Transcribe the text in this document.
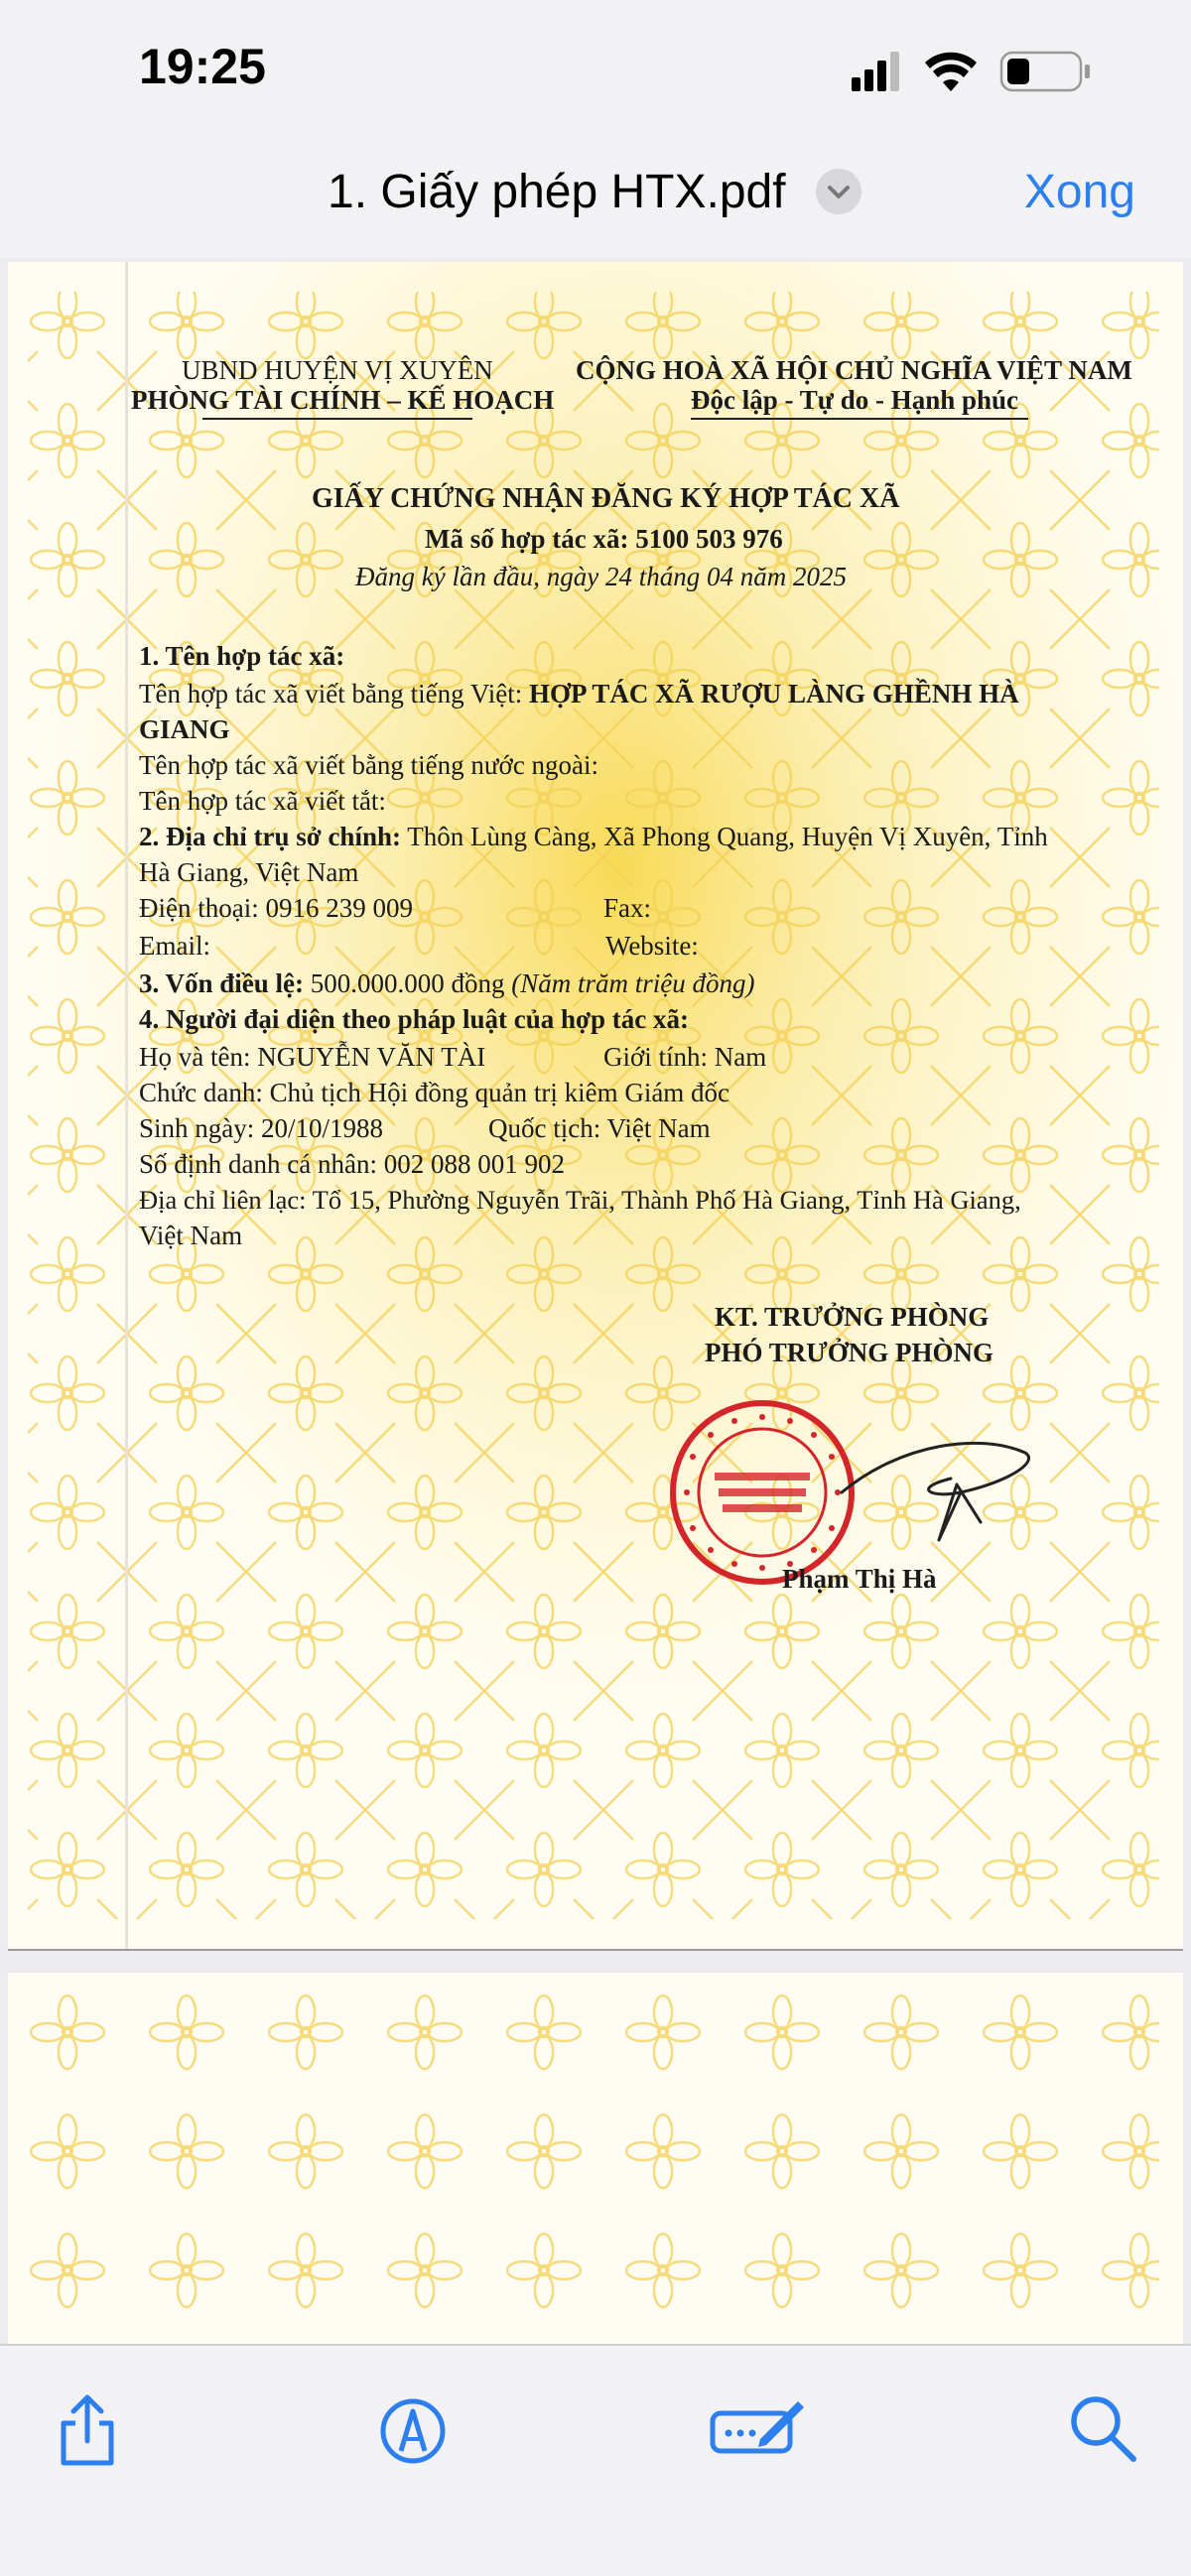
19:25
1. Giấy phép HTX.pdf	Xong
UBND HUYỆN VỊ XUYÊN
PHÒNG TÀI CHÍNH – KẾ HOẠCH
CỘNG HOÀ XÃ HỘI CHỦ NGHĨA VIỆT NAM
Độc lập - Tự do - Hạnh phúc
GIẤY CHỨNG NHẬN ĐĂNG KÝ HỢP TÁC XÃ
Mã số hợp tác xã: 5100 503 976
Đăng ký lần đầu, ngày 24 tháng 04 năm 2025
1. Tên hợp tác xã:
Tên hợp tác xã viết bằng tiếng Việt: HỢP TÁC XÃ RƯỢU LÀNG GHỀNH HÀ
GIANG
Tên hợp tác xã viết bằng tiếng nước ngoài:
Tên hợp tác xã viết tắt:
2. Địa chỉ trụ sở chính: Thôn Lùng Càng, Xã Phong Quang, Huyện Vị Xuyên, Tỉnh
Hà Giang, Việt Nam
Điện thoại: 0916 239 009	Fax:
Email:	Website:
3. Vốn điều lệ: 500.000.000 đồng (Năm trăm triệu đồng)
4. Người đại diện theo pháp luật của hợp tác xã:
Họ và tên: NGUYỄN VĂN TÀI	Giới tính: Nam
Chức danh: Chủ tịch Hội đồng quản trị kiêm Giám đốc
Sinh ngày: 20/10/1988	Quốc tịch: Việt Nam
Số định danh cá nhân: 002 088 001 902
Địa chỉ liên lạc: Tổ 15, Phường Nguyễn Trãi, Thành Phố Hà Giang, Tỉnh Hà Giang,
Việt Nam
KT. TRƯỞNG PHÒNG
PHÓ TRƯỞNG PHÒNG
Phạm Thị Hà
